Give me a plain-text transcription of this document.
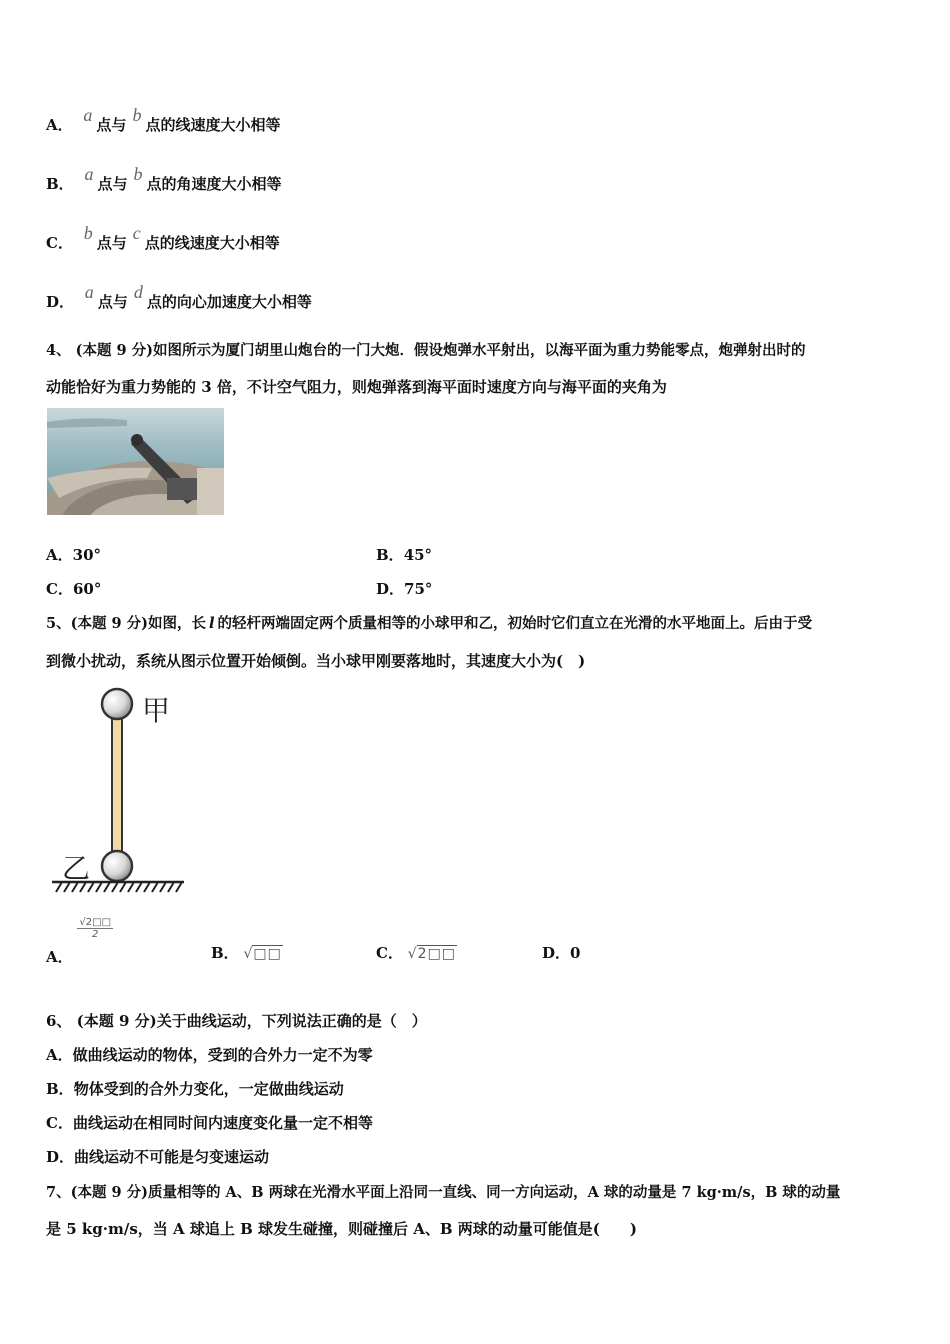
A． a 点与 b 点的线速度大小相等
B． a 点与 b 点的角速度大小相等
C． b 点与 c 点的线速度大小相等
D． a 点与 d 点的向心加速度大小相等
4、 (本题 9 分)如图所示为厦门胡里山炮台的一门大炮．假设炮弹水平射出，以海平面为重力势能零点，炮弹射出时的
动能恰好为重力势能的 3 倍，不计空气阻力，则炮弹落到海平面时速度方向与海平面的夹角为
A．30°	B．45°
C．60°	D．75°
5、(本题 9 分)如图，长 l 的轻杆两端固定两个质量相等的小球甲和乙，初始时它们直立在光滑的水平地面上。后由于受
到微小扰动，系统从图示位置开始倾倒。当小球甲刚要落地时，其速度大小为(　)
甲
乙
A．
$\frac{√2□□}{2}$
B． √□□	C． √2□□	D．0
6、 (本题 9 分)关于曲线运动，下列说法正确的是（　）
A．做曲线运动的物体，受到的合外力一定不为零
B．物体受到的合外力变化，一定做曲线运动
C．曲线运动在相同时间内速度变化量一定不相等
D．曲线运动不可能是匀变速运动
7、(本题 9 分)质量相等的 A、B 两球在光滑水平面上沿同一直线、同一方向运动，A 球的动量是 7 kg·m/s，B 球的动量
是 5 kg·m/s，当 A 球追上 B 球发生碰撞，则碰撞后 A、B 两球的动量可能值是(　　)
